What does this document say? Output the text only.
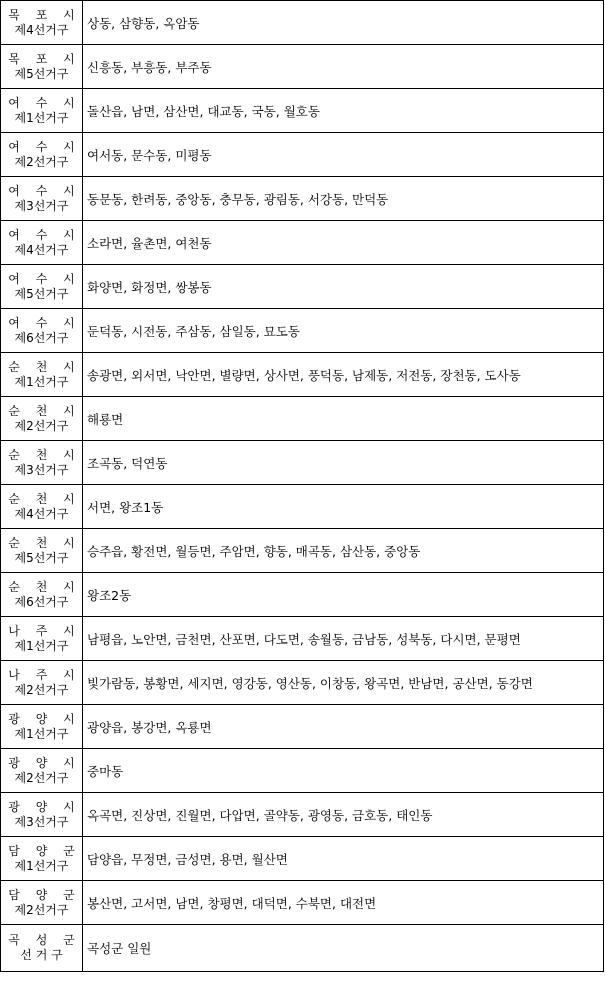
목 포 시
제4선거구	상동, 삼향동, 옥암동

목 포 시
제5선거구	신흥동, 부흥동, 부주동

여 수 시
제1선거구	돌산읍, 남면, 삼산면, 대교동, 국동, 월호동

여 수 시
제2선거구	여서동, 문수동, 미평동

여 수 시
제3선거구	동문동, 한려동, 중앙동, 충무동, 광림동, 서강동, 만덕동

여 수 시
제4선거구	소라면, 율촌면, 여천동

여 수 시
제5선거구	화양면, 화정면, 쌍봉동

여 수 시
제6선거구	둔덕동, 시전동, 주삼동, 삼일동, 묘도동

순 천 시
제1선거구	송광면, 외서면, 낙안면, 별량면, 상사면, 풍덕동, 남제동, 저전동, 장천동, 도사동

순 천 시
제2선거구	해룡면

순 천 시
제3선거구	조곡동, 덕연동

순 천 시
제4선거구	서면, 왕조1동

순 천 시
제5선거구	승주읍, 황전면, 월등면, 주암면, 향동, 매곡동, 삼산동, 중앙동

순 천 시
제6선거구	왕조2동

나 주 시
제1선거구	남평읍, 노안면, 금천면, 산포면, 다도면, 송월동, 금남동, 성북동, 다시면, 문평면

나 주 시
제2선거구	빛가람동, 봉황면, 세지면, 영강동, 영산동, 이창동, 왕곡면, 반남면, 공산면, 동강면

광 양 시
제1선거구	광양읍, 봉강면, 옥룡면

광 양 시
제2선거구	중마동

광 양 시
제3선거구	옥곡면, 진상면, 진월면, 다압면, 골약동, 광영동, 금호동, 태인동

담 양 군
제1선거구	담양읍, 무정면, 금성면, 용면, 월산면

담 양 군
제2선거구	봉산면, 고서면, 남면, 창평면, 대덕면, 수북면, 대전면

곡 성 군
선 거 구	곡성군 일원
